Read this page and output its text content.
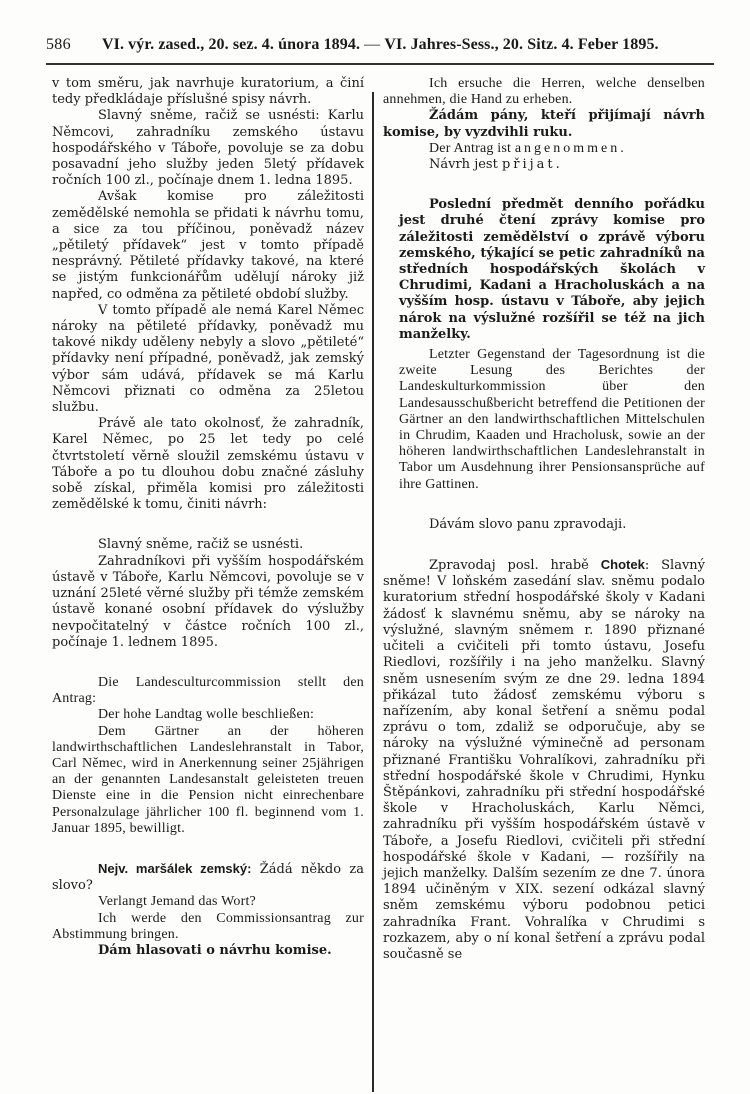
586 VI. výr. zased., 20. sez. 4. února 1894. — VI. Jahres-Sess., 20. Sitz. 4. Feber 1895.

v tom směru, jak navrhuje kuratorium, a činí tedy předkládaje příslušné spisy návrh.

Slavný sněme, račiž se usnésti: Karlu Němcovi, zahradníku zemského ústavu hospodářského v Táboře, povoluje se za dobu posavadní jeho služby jeden 5letý přídavek ročních 100 zl., počínaje dnem 1. ledna 1895.

Avšak komise pro záležitosti zemědělské nemohla se přidati k návrhu tomu, a sice za tou příčinou, poněvadž název „pětiletý přídavek“ jest v tomto případě nesprávný. Pětileté přídavky takové, na které se jistým funkcionářům udělují nároky již napřed, co odměna za pětileté období služby.

V tomto případě ale nemá Karel Němec nároky na pětileté přídavky, poněvadž mu takové nikdy uděleny nebyly a slovo „pětileté“ přídavky není případné, poněvadž, jak zemský výbor sám udává, přídavek se má Karlu Němcovi přiznati co odměna za 25letou službu.

Právě ale tato okolnosť, že zahradník, Karel Němec, po 25 let tedy po celé čtvrtstoletí věrně sloužil zemskému ústavu v Táboře a po tu dlouhou dobu značné zásluhy sobě získal, přiměla komisi pro záležitosti zemědělské k tomu, činiti návrh:

Slavný sněme, račiž se usnésti.

Zahradníkovi při vyšším hospodářském ústavě v Táboře, Karlu Němcovi, povoluje se v uznání 25leté věrné služby při témže zemském ústavě konané osobní přídavek do výslužby nevpočitatelný v částce ročních 100 zl., počínaje 1. lednem 1895.

Die Landesculturcommission stellt den Antrag:

Der hohe Landtag wolle beschließen:

Dem Gärtner an der höheren landwirthschaftlichen Landeslehranstalt in Tabor, Carl Němec, wird in Anerkennung seiner 25jährigen an der genannten Landesanstalt geleisteten treuen Dienste eine in die Pension nicht einrechenbare Personalzulage jährlicher 100 fl. beginnend vom 1. Januar 1895, bewilligt.

Nejv. maršálek zemský: Žádá někdo za slovo?

Verlangt Jemand das Wort?

Ich werde den Commissionsantrag zur Abstimmung bringen.

Dám hlasovati o návrhu komise.

Ich ersuche die Herren, welche denselben annehmen, die Hand zu erheben.

Žádám pány, kteří přijímají návrh komise, by vyzdvihli ruku.

Der Antrag ist angenommen.

Návrh jest přijat.

Poslední předmět denního pořádku jest druhé čtení zprávy komise pro záležitosti zemědělství o zprávě výboru zemského, týkající se petic zahradníků na středních hospodářských školách v Chrudimi, Kadani a Hracholuskách a na vyšším hosp. ústavu v Táboře, aby jejich nárok na výslužné rozšířil se též na jich manželky.

Letzter Gegenstand der Tagesordnung ist die zweite Lesung des Berichtes der Landeskulturkommission über den Landesausschußbericht betreffend die Petitionen der Gärtner an den landwirthschaftlichen Mittelschulen in Chrudim, Kaaden und Hracholusk, sowie an der höheren landwirthschaftlichen Landeslehranstalt in Tabor um Ausdehnung ihrer Pensionsansprüche auf ihre Gattinen.

Dávám slovo panu zpravodaji.

Zpravodaj posl. hrabě Chotek: Slavný sněme! V loňském zasedání slav. sněmu podalo kuratorium střední hospodářské školy v Kadani žádosť k slavnému sněmu, aby se nároky na výslužné, slavným sněmem r. 1890 přiznané učiteli a cvičiteli při tomto ústavu, Josefu Riedlovi, rozšířily i na jeho manželku. Slavný sněm usnesením svým ze dne 29. ledna 1894 přikázal tuto žádosť zemskému výboru s nařízením, aby konal šetření a sněmu podal zprávu o tom, zdaliž se odporučuje, aby se nároky na výslužné výminečně ad personam přiznané Františku Vohralíkovi, zahradníku při střední hospodářské škole v Chrudimi, Hynku Štěpánkovi, zahradníku při střední hospodářské škole v Hracholuskách, Karlu Němci, zahradníku při vyšším hospodářském ústavě v Táboře, a Josefu Riedlovi, cvičiteli při střední hospodářské škole v Kadani, — rozšířily na jejich manželky. Dalším sezením ze dne 7. února 1894 učiněným v XIX. sezení odkázal slavný sněm zemskému výboru podobnou petici zahradníka Frant. Vohralíka v Chrudimi s rozkazem, aby o ní konal šetření a zprávu podal současně se
